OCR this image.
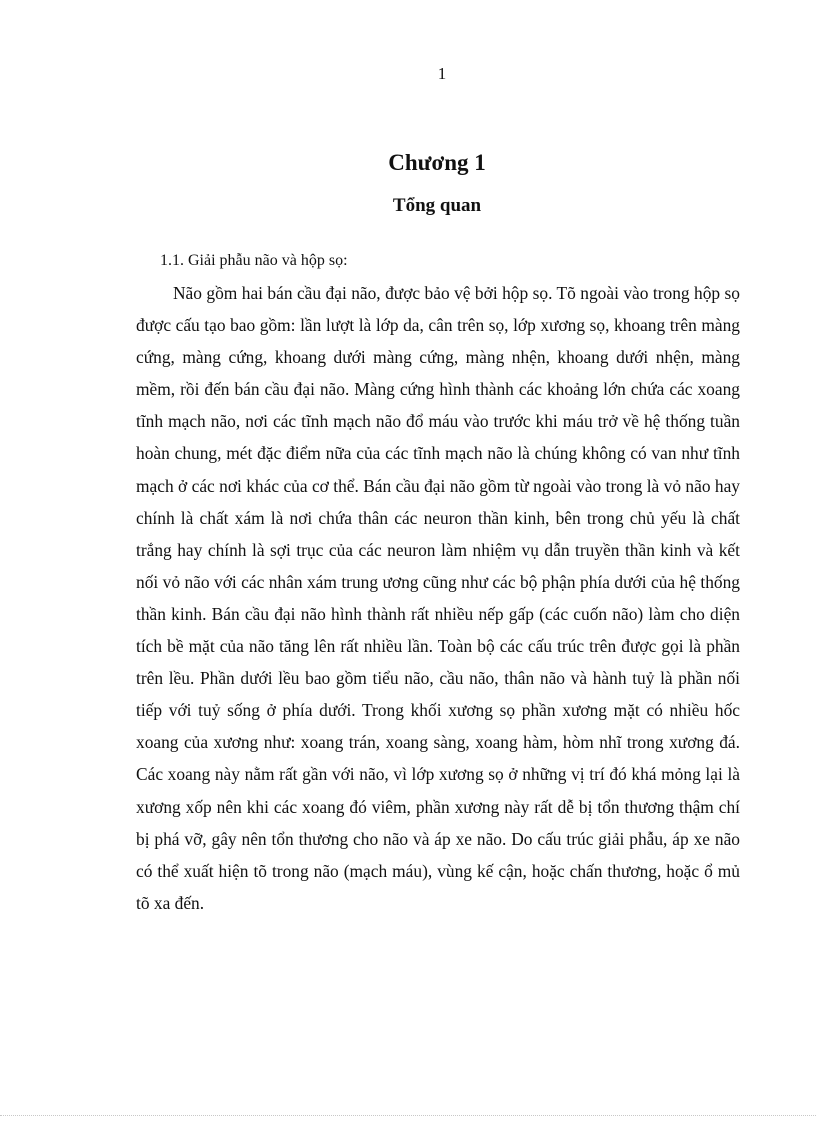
1
Chương 1
Tổng quan
1.1. Giải phẫu não và hộp sọ:

Não gồm hai bán cầu đại não, được bảo vệ bởi hộp sọ. Tõ ngoài vào trong hộp sọ được cấu tạo bao gồm: lần lượt là lớp da, cân trên sọ, lớp xương sọ, khoang trên màng cứng, màng cứng, khoang dưới màng cứng, màng nhện, khoang dưới nhện, màng mềm, rồi đến bán cầu đại não. Màng cứng hình thành các khoảng lớn chứa các xoang tĩnh mạch não, nơi các tĩnh mạch não đổ máu vào trước khi máu trở về hệ thống tuần hoàn chung, mét đặc điểm nữa của các tĩnh mạch não là chúng không có van như tĩnh mạch ở các nơi khác của cơ thể. Bán cầu đại não gồm từ ngoài vào trong là vỏ não hay chính là chất xám là nơi chứa thân các neuron thần kinh, bên trong chủ yếu là chất trắng hay chính là sợi trục của các neuron làm nhiệm vụ dẫn truyền thần kinh và kết nối vỏ não với các nhân xám trung ương cũng như các bộ phận phía dưới của hệ thống thần kinh. Bán cầu đại não hình thành rất nhiều nếp gấp (các cuốn não) làm cho diện tích bề mặt của não tăng lên rất nhiều lần. Toàn bộ các cấu trúc trên được gọi là phần trên lều. Phần dưới lều bao gồm tiểu não, cầu não, thân não và hành tuỷ là phần nối tiếp với tuỷ sống ở phía dưới. Trong khối xương sọ phần xương mặt có nhiều hốc xoang của xương như: xoang trán, xoang sàng, xoang hàm, hòm nhĩ trong xương đá. Các xoang này nằm rất gần với não, vì lớp xương sọ ở những vị trí đó khá mỏng lại là xương xốp nên khi các xoang đó viêm, phần xương này rất dễ bị tổn thương thậm chí bị phá vỡ, gây nên tổn thương cho não và áp xe não. Do cấu trúc giải phẫu, áp xe não có thể xuất hiện tõ trong não (mạch máu), vùng kế cận, hoặc chấn thương, hoặc ổ mủ tõ xa đến.
